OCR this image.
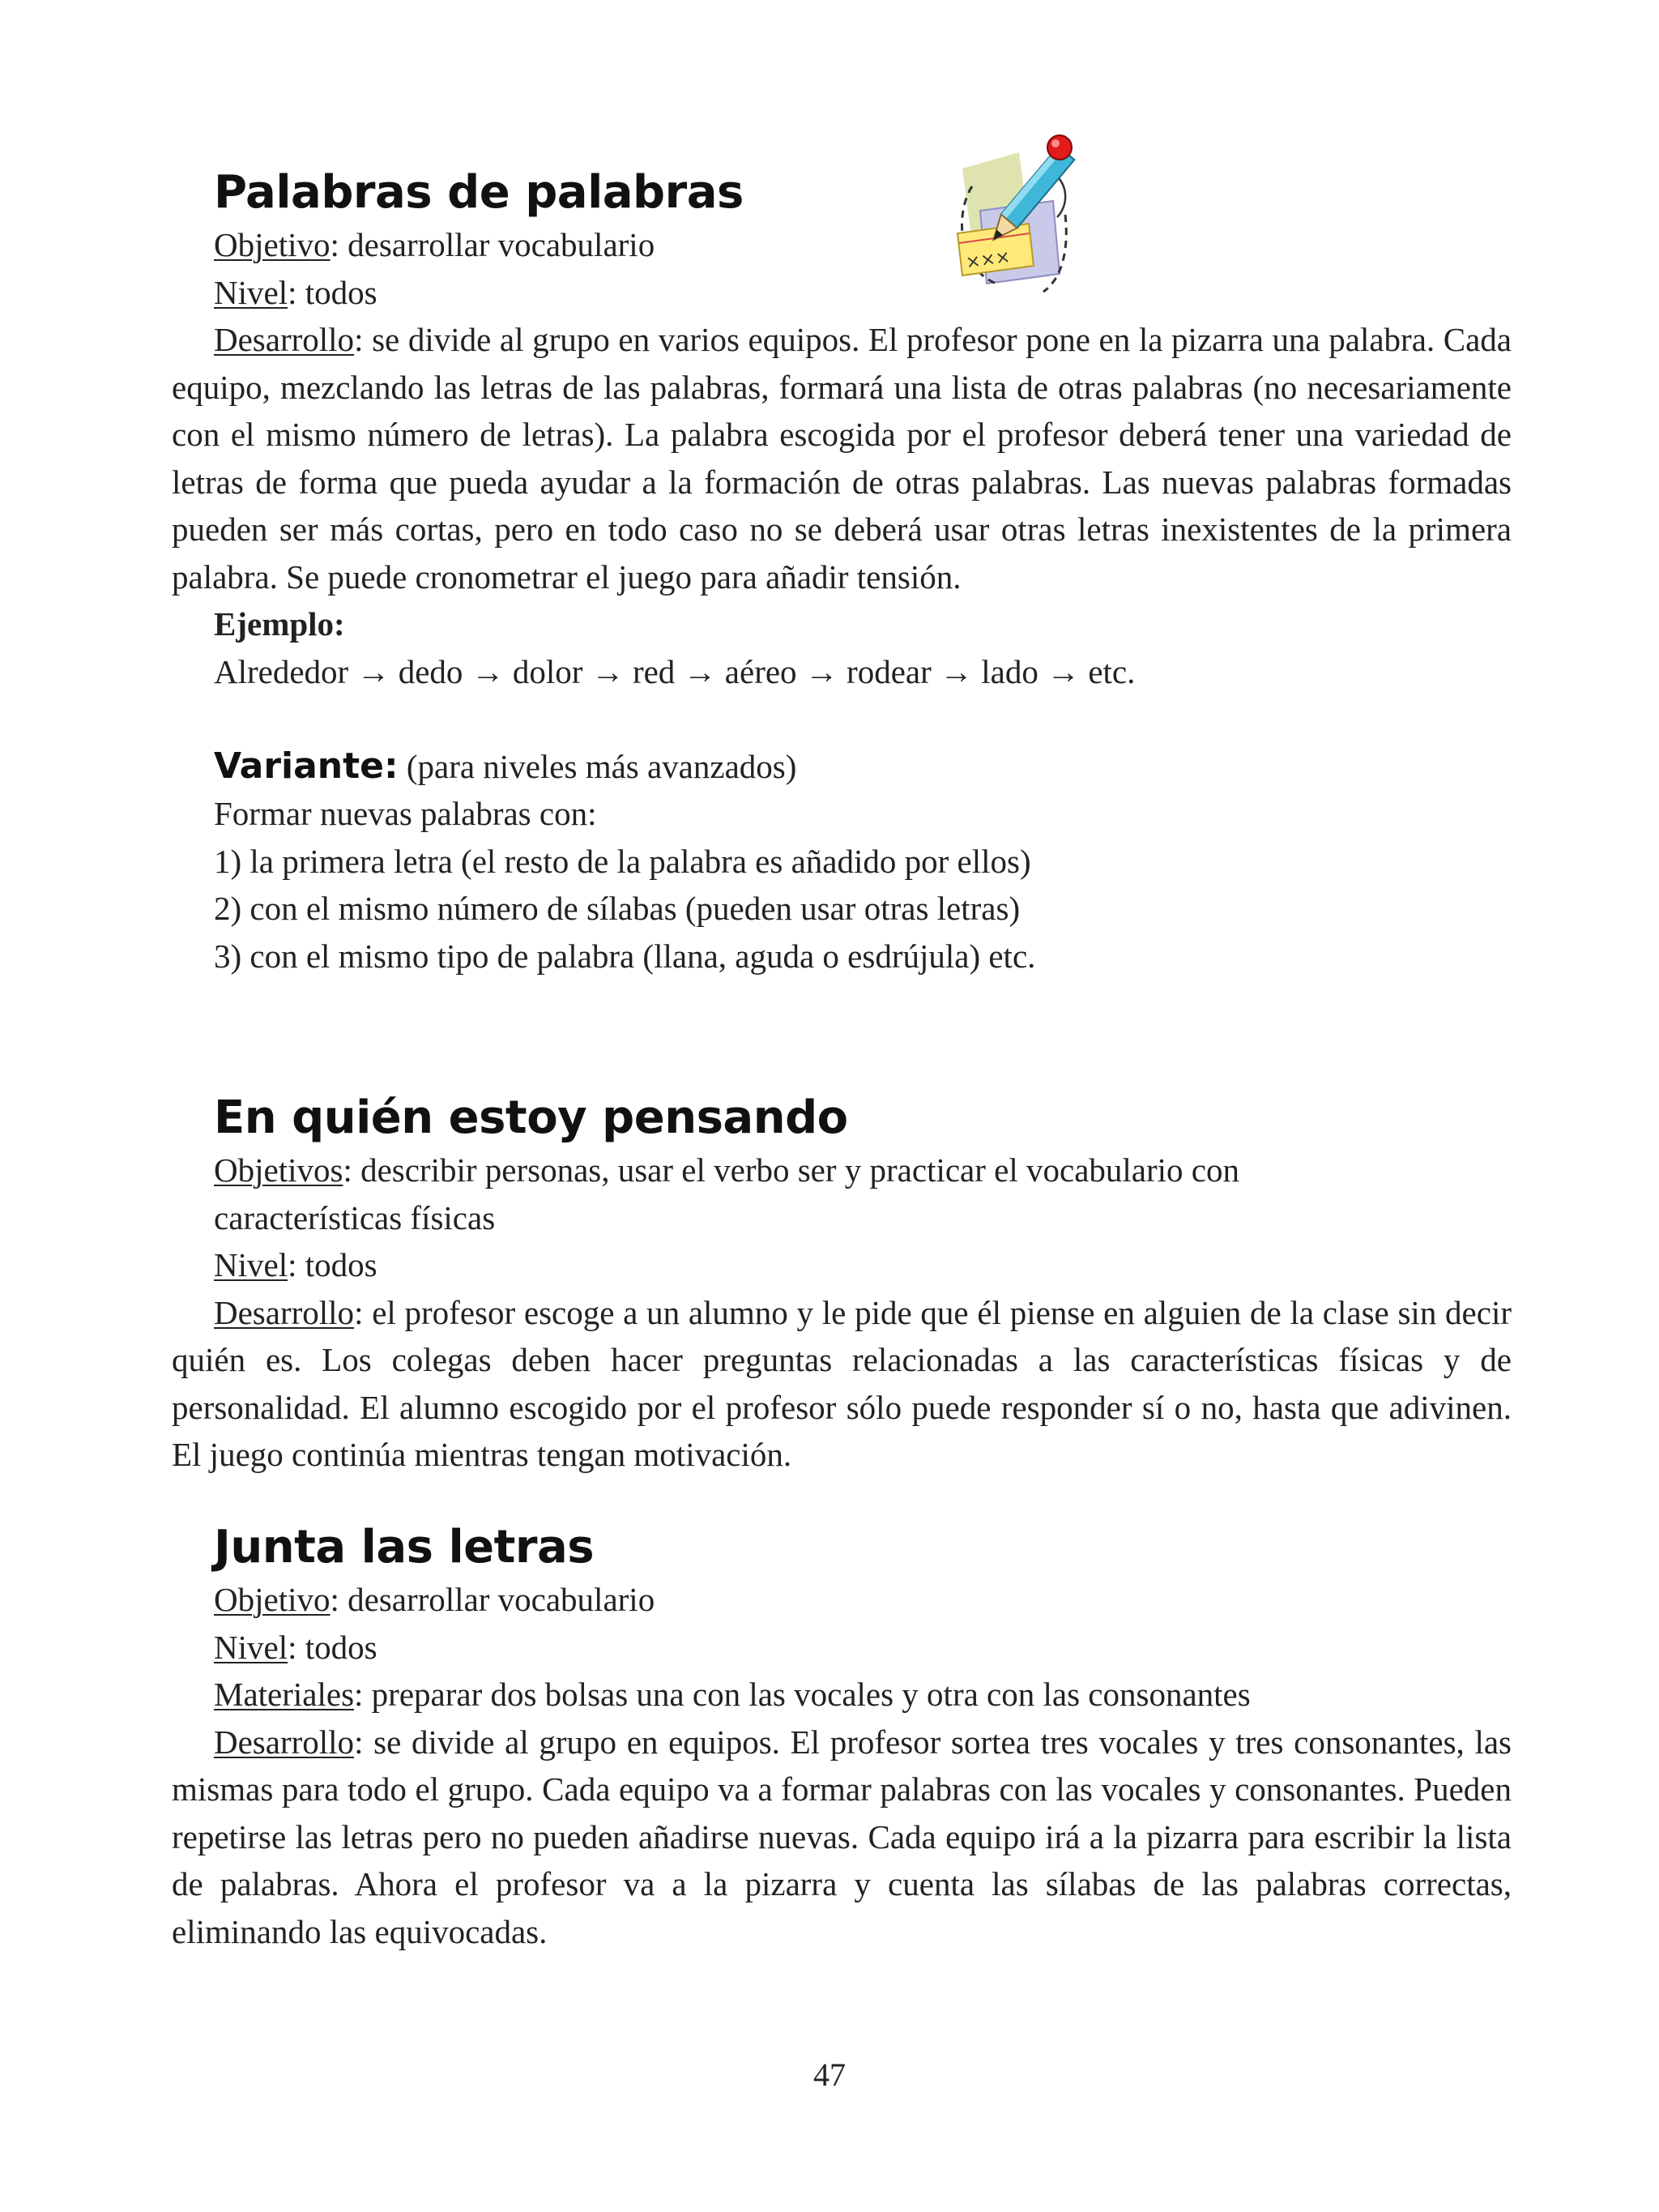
Palabras de palabras

Objetivo: desarrollar vocabulario

Nivel: todos

Desarrollo: se divide al grupo en varios equipos. El profesor pone en la pizarra una palabra. Cada equipo, mezclando las letras de las palabras, formará una lista de otras palabras (no necesariamente con el mismo número de letras). La palabra escogida por el profesor deberá tener una variedad de letras de forma que pueda ayudar a la formación de otras palabras. Las nuevas palabras formadas pueden ser más cortas, pero en todo caso no se deberá usar otras letras inexistentes de la primera palabra. Se puede cronometrar el juego para añadir tensión.

Ejemplo:

Alrededor → dedo → dolor → red → aéreo → rodear → lado → etc.

Variante: (para niveles más avanzados)

Formar nuevas palabras con:

1) la primera letra (el resto de la palabra es añadido por ellos)

2) con el mismo número de sílabas (pueden usar otras letras)

3) con el mismo tipo de palabra (llana, aguda o esdrújula) etc.

En quién estoy pensando

Objetivos: describir personas, usar el verbo ser y practicar el vocabulario con

características físicas

Nivel: todos

Desarrollo: el profesor escoge a un alumno y le pide que él piense en alguien de la clase sin decir quién es. Los colegas deben hacer preguntas relacionadas a las características físicas y de personalidad. El alumno escogido por el profesor sólo puede responder sí o no, hasta que adivinen. El juego continúa mientras tengan motivación.

Junta las letras

Objetivo: desarrollar vocabulario

Nivel: todos

Materiales: preparar dos bolsas una con las vocales y otra con las consonantes

Desarrollo: se divide al grupo en equipos. El profesor sortea tres vocales y tres consonantes, las mismas para todo el grupo. Cada equipo va a formar palabras con las vocales y consonantes. Pueden repetirse las letras pero no pueden añadirse nuevas. Cada equipo irá a la pizarra para escribir la lista de palabras. Ahora el profesor va a la pizarra y cuenta las sílabas de las palabras correctas, eliminando las equivocadas.

×××
47
